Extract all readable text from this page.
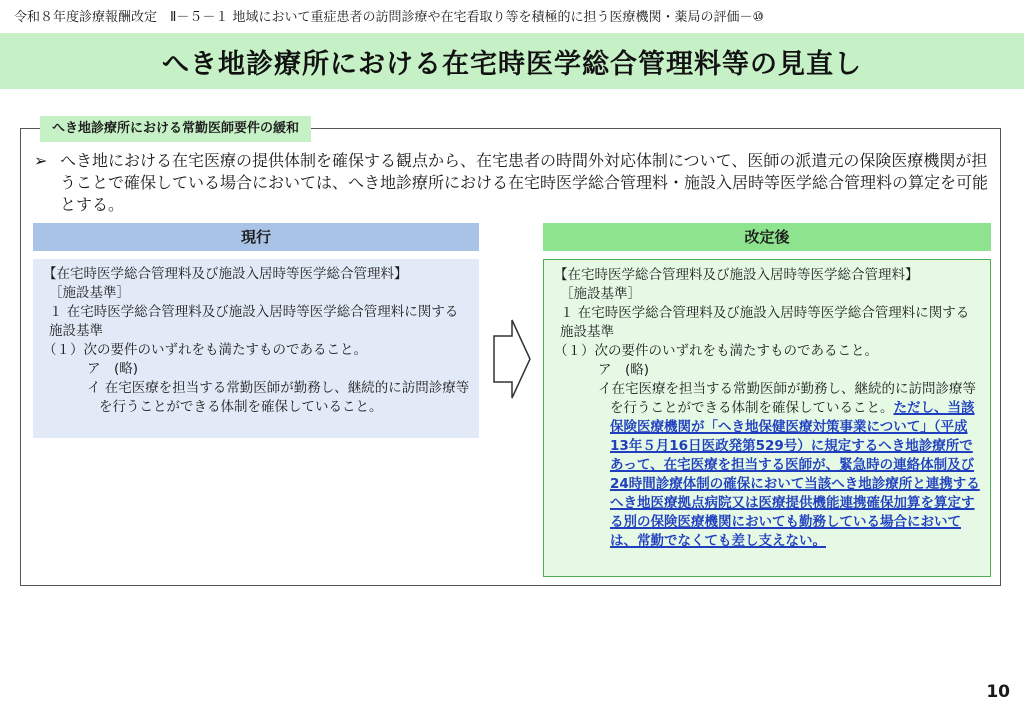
令和８年度診療報酬改定　Ⅱ－５－１ 地域において重症患者の訪問診療や在宅看取り等を積極的に担う医療機関・薬局の評価－⑩
へき地診療所における在宅時医学総合管理料等の見直し
へき地診療所における常勤医師要件の緩和
➢ へき地における在宅医療の提供体制を確保する観点から、在宅患者の時間外対応体制について、医師の派遣元の保険医療機関が担うことで確保している場合においては、へき地診療所における在宅時医学総合管理料・施設入居時等医学総合管理料の算定を可能とする。
現行	改定後

【在宅時医学総合管理料及び施設入居時等医学総合管理料】

［施設基準］

１ 在宅時医学総合管理料及び施設入居時等医学総合管理料に関する施設基準

（１）次の要件のいずれをも満たすものであること。

ア　(略)

イ 在宅医療を担当する常勤医師が勤務し、継続的に訪問診療等を行うことができる体制を確保していること。

【在宅時医学総合管理料及び施設入居時等医学総合管理料】

［施設基準］

１ 在宅時医学総合管理料及び施設入居時等医学総合管理料に関する施設基準

（１）次の要件のいずれをも満たすものであること。

ア　(略)

イ在宅医療を担当する常勤医師が勤務し、継続的に訪問診療等を行うことができる体制を確保していること。ただし、当該保険医療機関が「へき地保健医療対策事業について」（平成13年５月16日医政発第529号）に規定するへき地診療所であって、在宅医療を担当する医師が、緊急時の連絡体制及び24時間診療体制の確保において当該へき地診療所と連携するへき地医療拠点病院又は医療提供機能連携確保加算を算定する別の保険医療機関においても勤務している場合においては、常勤でなくても差し支えない。

10
